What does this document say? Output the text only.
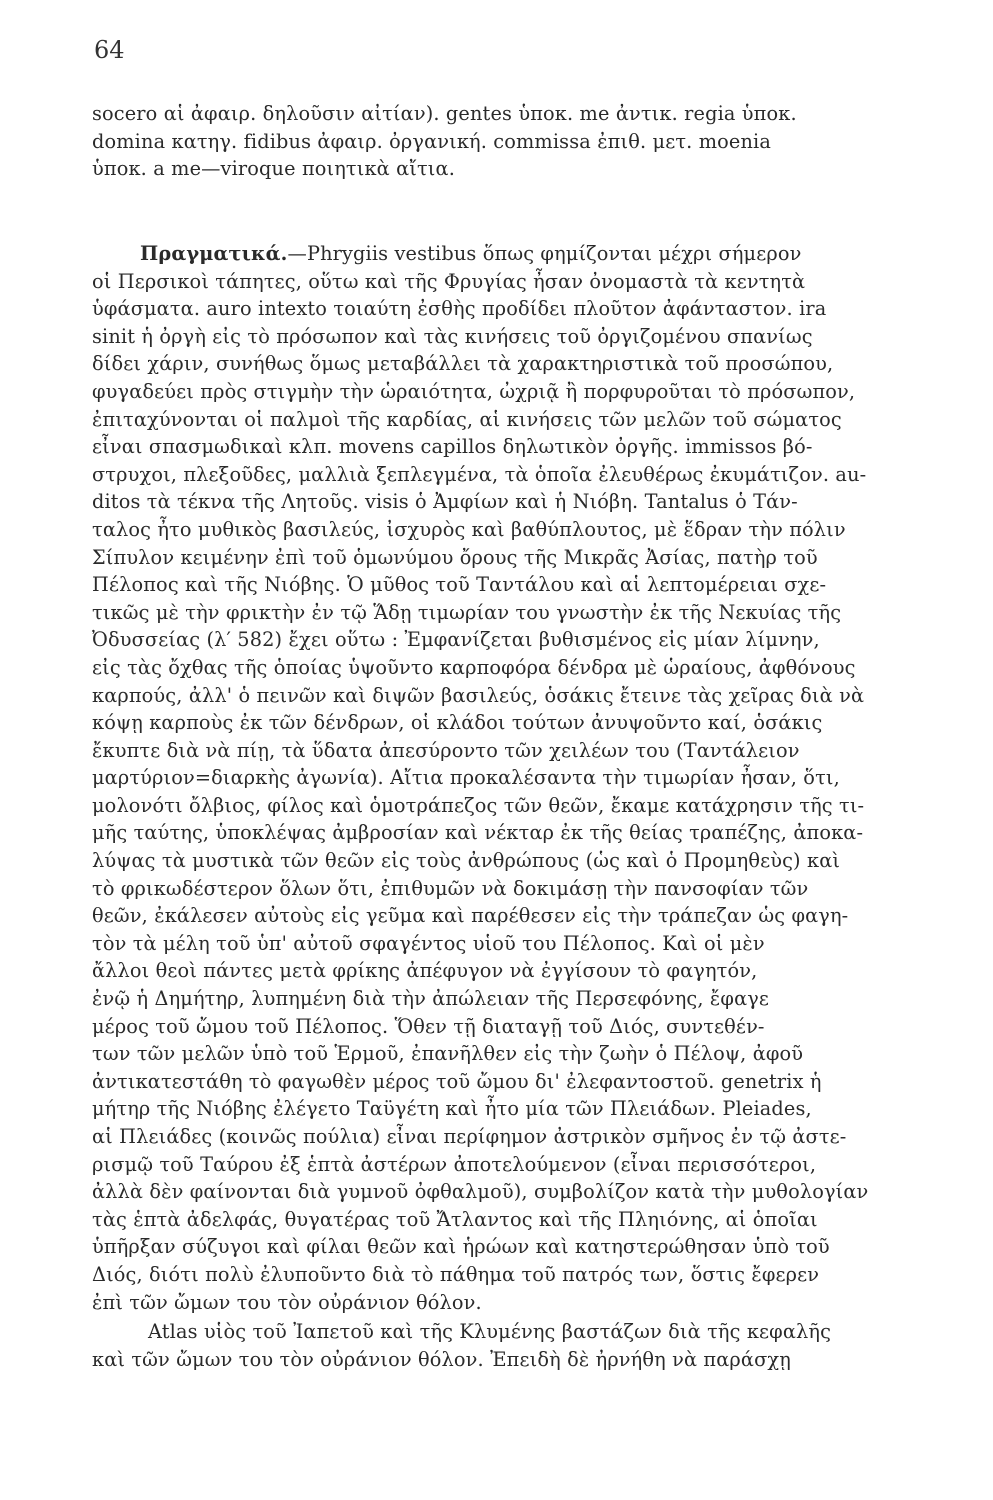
64

socero αἱ ἀφαιρ. δηλοῦσιν αἰτίαν). gentes ὑποκ. me ἀντικ. regia ὑποκ.
domina κατηγ. fidibus ἀφαιρ. ὀργανική. commissa ἐπιθ. μετ. moenia
ὑποκ. a me—viroque ποιητικὰ αἴτια.
Πραγματικά.—Phrygiis vestibus ὅπως φημίζονται μέχρι σήμερον
οἱ Περσικοὶ τάπητες, οὕτω καὶ τῆς Φρυγίας ἦσαν ὀνομαστὰ τὰ κεντητὰ
ὑφάσματα. auro intexto τοιαύτη ἐσθὴς προδίδει πλοῦτον ἀφάνταστον. ira
sinit ἡ ὀργὴ εἰς τὸ πρόσωπον καὶ τὰς κινήσεις τοῦ ὀργιζομένου σπανίως
δίδει χάριν, συνήθως ὅμως μεταβάλλει τὰ χαρακτηριστικὰ τοῦ προσώπου,
φυγαδεύει πρὸς στιγμὴν τὴν ὡραιότητα, ὠχριᾷ ἢ πορφυροῦται τὸ πρόσωπον,
ἐπιταχύνονται οἱ παλμοὶ τῆς καρδίας, αἱ κινήσεις τῶν μελῶν τοῦ σώματος
εἶναι σπασμωδικαὶ κλπ. movens capillos δηλωτικὸν ὀργῆς. immissos βό-
στρυχοι, πλεξοῦδες, μαλλιὰ ξεπλεγμένα, τὰ ὁποῖα ἐλευθέρως ἐκυμάτιζον. au-
ditos τὰ τέκνα τῆς Λητοῦς. visis ὁ Ἀμφίων καὶ ἡ Νιόβη. Tantalus ὁ Τάν-
ταλος ἦτο μυθικὸς βασιλεύς, ἰσχυρὸς καὶ βαθύπλουτος, μὲ ἕδραν τὴν πόλιν
Σίπυλον κειμένην ἐπὶ τοῦ ὁμωνύμου ὄρους τῆς Μικρᾶς Ἀσίας, πατὴρ τοῦ
Πέλοπος καὶ τῆς Νιόβης. Ὁ μῦθος τοῦ Ταντάλου καὶ αἱ λεπτομέρειαι σχε-
τικῶς μὲ τὴν φρικτὴν ἐν τῷ Ἅδῃ τιμωρίαν του γνωστὴν ἐκ τῆς Νεκυίας τῆς
Ὀδυσσείας (λ′ 582) ἔχει οὕτω : Ἐμφανίζεται βυθισμένος εἰς μίαν λίμνην,
εἰς τὰς ὄχθας τῆς ὁποίας ὑψοῦντο καρποφόρα δένδρα μὲ ὡραίους, ἀφθόνους
καρπούς, ἀλλ' ὁ πεινῶν καὶ διψῶν βασιλεύς, ὁσάκις ἔτεινε τὰς χεῖρας διὰ νὰ
κόψῃ καρποὺς ἐκ τῶν δένδρων, οἱ κλάδοι τούτων ἀνυψοῦντο καί, ὁσάκις
ἔκυπτε διὰ νὰ πίῃ, τὰ ὕδατα ἀπεσύροντο τῶν χειλέων του (Ταντάλειον
μαρτύριον=διαρκὴς ἀγωνία). Αἴτια προκαλέσαντα τὴν τιμωρίαν ἦσαν, ὅτι,
μολονότι ὄλβιος, φίλος καὶ ὁμοτράπεζος τῶν θεῶν, ἔκαμε κατάχρησιν τῆς τι-
μῆς ταύτης, ὑποκλέψας ἀμβροσίαν καὶ νέκταρ ἐκ τῆς θείας τραπέζης, ἀποκα-
λύψας τὰ μυστικὰ τῶν θεῶν εἰς τοὺς ἀνθρώπους (ὡς καὶ ὁ Προμηθεὺς) καὶ
τὸ φρικωδέστερον ὅλων ὅτι, ἐπιθυμῶν νὰ δοκιμάσῃ τὴν πανσοφίαν τῶν
θεῶν, ἐκάλεσεν αὐτοὺς εἰς γεῦμα καὶ παρέθεσεν εἰς τὴν τράπεζαν ὡς φαγη-
τὸν τὰ μέλη τοῦ ὑπ' αὐτοῦ σφαγέντος υἱοῦ του Πέλοπος. Καὶ οἱ μὲν
ἄλλοι θεοὶ πάντες μετὰ φρίκης ἀπέφυγον νὰ ἐγγίσουν τὸ φαγητόν,
ἐνῷ ἡ Δημήτηρ, λυπημένη διὰ τὴν ἀπώλειαν τῆς Περσεφόνης, ἔφαγε
μέρος τοῦ ὤμου τοῦ Πέλοπος. Ὅθεν τῇ διαταγῇ τοῦ Διός, συντεθέν-
των τῶν μελῶν ὑπὸ τοῦ Ἑρμοῦ, ἐπανῆλθεν εἰς τὴν ζωὴν ὁ Πέλοψ, ἀφοῦ
ἀντικατεστάθη τὸ φαγωθὲν μέρος τοῦ ὤμου δι' ἐλεφαντοστοῦ. genetrix ἡ
μήτηρ τῆς Νιόβης ἐλέγετο Ταϋγέτη καὶ ἦτο μία τῶν Πλειάδων. Pleiades,
αἱ Πλειάδες (κοινῶς πούλια) εἶναι περίφημον ἀστρικὸν σμῆνος ἐν τῷ ἀστε-
ρισμῷ τοῦ Ταύρου ἐξ ἑπτὰ ἀστέρων ἀποτελούμενον (εἶναι περισσότεροι,
ἀλλὰ δὲν φαίνονται διὰ γυμνοῦ ὀφθαλμοῦ), συμβολίζον κατὰ τὴν μυθολογίαν
τὰς ἑπτὰ ἀδελφάς, θυγατέρας τοῦ Ἄτλαντος καὶ τῆς Πληιόνης, αἱ ὁποῖαι
ὑπῆρξαν σύζυγοι καὶ φίλαι θεῶν καὶ ἡρώων καὶ κατηστερώθησαν ὑπὸ τοῦ
Διός, διότι πολὺ ἐλυποῦντο διὰ τὸ πάθημα τοῦ πατρός των, ὅστις ἔφερεν
ἐπὶ τῶν ὤμων του τὸν οὐράνιον θόλον.
Atlas υἱὸς τοῦ Ἰαπετοῦ καὶ τῆς Κλυμένης βαστάζων διὰ τῆς κεφαλῆς
καὶ τῶν ὤμων του τὸν οὐράνιον θόλον. Ἐπειδὴ δὲ ἠρνήθη νὰ παράσχῃ
